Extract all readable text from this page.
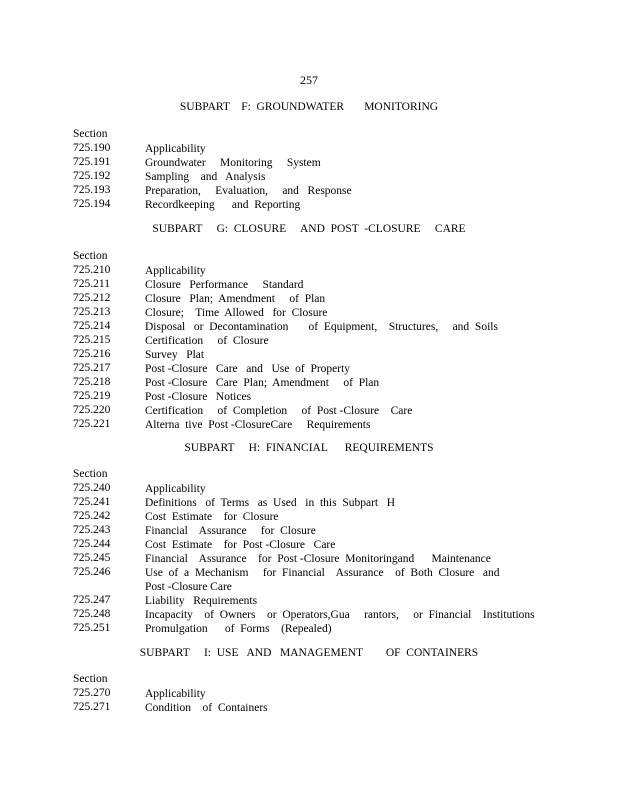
257
SUBPART    F:  GROUNDWATER       MONITORING
Section
725.190	Applicability
725.191	Groundwater     Monitoring     System
725.192	Sampling    and   Analysis
725.193	Preparation,     Evaluation,     and   Response
725.194	Recordkeeping      and  Reporting
SUBPART     G:  CLOSURE     AND  POST  -CLOSURE     CARE
Section
725.210	Applicability
725.211	Closure   Performance     Standard
725.212	Closure   Plan;  Amendment     of  Plan
725.213	Closure;    Time  Allowed   for  Closure
725.214	Disposal   or  Decontamination       of  Equipment,    Structures,     and  Soils
725.215	Certification     of  Closure
725.216	Survey   Plat
725.217	Post -Closure   Care   and   Use  of  Property
725.218	Post -Closure   Care  Plan;  Amendment     of  Plan
725.219	Post -Closure   Notices
725.220	Certification     of  Completion     of  Post -Closure    Care
725.221	Alterna  tive  Post -ClosureCare     Requirements
SUBPART     H:  FINANCIAL      REQUIREMENTS
Section
725.240	Applicability
725.241	Definitions   of  Terms   as  Used   in  this  Subpart   H
725.242	Cost  Estimate    for  Closure
725.243	Financial    Assurance     for  Closure
725.244	Cost  Estimate    for  Post -Closure   Care
725.245	Financial    Assurance    for  Post -Closure  Monitoringand      Maintenance
725.246	Use  of  a  Mechanism     for  Financial    Assurance    of  Both  Closure   and  Post -Closure Care
725.247	Liability   Requirements
725.248	Incapacity    of  Owners    or  Operators,Gua     rantors,     or  Financial    Institutions
725.251	Promulgation      of  Forms    (Repealed)
SUBPART     I:  USE   AND   MANAGEMENT        OF  CONTAINERS
Section
725.270	Applicability
725.271	Condition    of  Containers
